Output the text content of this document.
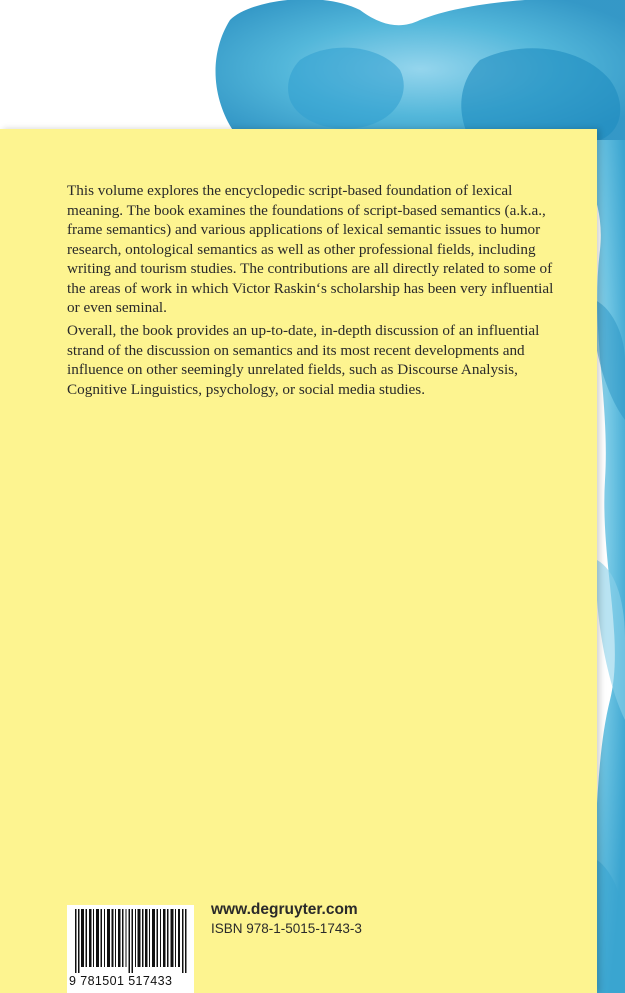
This volume explores the encyclopedic script-based foundation of lexical meaning. The book examines the foundations of script-based semantics (a.k.a., frame semantics) and various applications of lexical semantic issues to humor research, ontological semantics as well as other professional fields, including writing and tourism studies. The contributions are all directly related to some of the areas of work in which Victor Raskin‘s scholarship has been very influential or even seminal.

Overall, the book provides an up-to-date, in-depth discussion of an influential strand of the discussion on semantics and its most recent developments and influence on other seemingly unrelated fields, such as Discourse Analysis, Cognitive Linguistics, psychology, or social media studies.

9 781501 517433
www.degruyter.com
ISBN 978-1-5015-1743-3
